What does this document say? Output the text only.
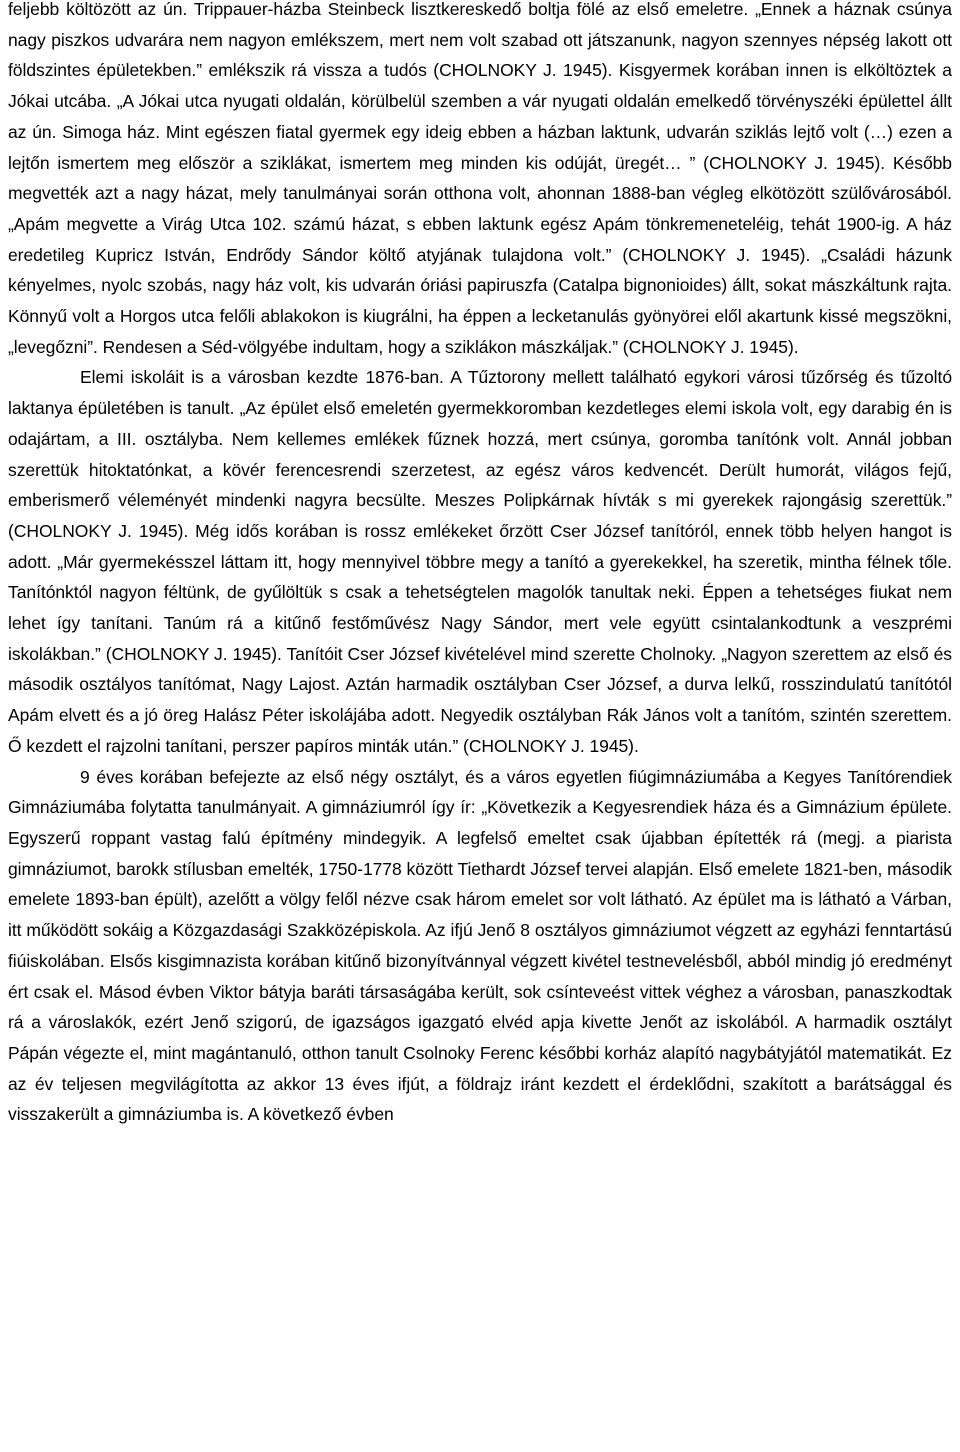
feljebb költözött az ún. Trippauer-házba Steinbeck lisztkereskedő boltja fölé az első emeletre. „Ennek a háznak csúnya nagy piszkos udvarára nem nagyon emlékszem, mert nem volt szabad ott játszanunk, nagyon szennyes népség lakott ott földszintes épületekben.” emlékszik rá vissza a tudós (CHOLNOKY J. 1945). Kisgyermek korában innen is elköltöztek a Jókai utcába. „A Jókai utca nyugati oldalán, körülbelül szemben a vár nyugati oldalán emelkedő törvényszéki épülettel állt az ún. Simoga ház. Mint egészen fiatal gyermek egy ideig ebben a házban laktunk, udvarán sziklás lejtő volt (…) ezen a lejtőn ismertem meg először a sziklákat, ismertem meg minden kis odúját, üregét… ” (CHOLNOKY J. 1945). Később megvették azt a nagy házat, mely tanulmányai során otthona volt, ahonnan 1888-ban végleg elkötözött szülővárosából. „Apám megvette a Virág Utca 102. számú házat, s ebben laktunk egész Apám tönkremeneteléig, tehát 1900-ig. A ház eredetileg Kupricz István, Endrődy Sándor költő atyjának tulajdona volt.” (CHOLNOKY J. 1945). „Családi házunk kényelmes, nyolc szobás, nagy ház volt, kis udvarán óriási papiruszfa (Catalpa bignonioides) állt, sokat mászkáltunk rajta. Könnyű volt a Horgos utca felőli ablakokon is kiugrálni, ha éppen a lecketanulás gyönyörei elől akartunk kissé megszökni, „levegőzni”. Rendesen a Séd-völgyébe indultam, hogy a sziklákon mászkáljak.” (CHOLNOKY J. 1945).

Elemi iskoláit is a városban kezdte 1876-ban. A Tűztorony mellett található egykori városi tűzőrség és tűzoltó laktanya épületében is tanult. „Az épület első emeletén gyermekkoromban kezdetleges elemi iskola volt, egy darabig én is odajártam, a III. osztályba. Nem kellemes emlékek fűznek hozzá, mert csúnya, goromba tanítónk volt. Annál jobban szerettük hitoktatónkat, a kövér ferencesrendi szerzetest, az egész város kedvencét. Derült humorát, világos fejű, emberismerő véleményét mindenki nagyra becsülte. Meszes Polipkárnak hívták s mi gyerekek rajongásig szerettük.” (CHOLNOKY J. 1945). Még idős korában is rossz emlékeket őrzött Cser József tanítóról, ennek több helyen hangot is adott. „Már gyermekésszel láttam itt, hogy mennyivel többre megy a tanító a gyerekekkel, ha szeretik, mintha félnek tőle. Tanítónktól nagyon féltünk, de gyűlöltük s csak a tehetségtelen magolók tanultak neki. Éppen a tehetséges fiukat nem lehet így tanítani. Tanúm rá a kitűnő festőművész Nagy Sándor, mert vele együtt csintalankodtunk a veszprémi iskolákban.” (CHOLNOKY J. 1945). Tanítóit Cser József kivételével mind szerette Cholnoky. „Nagyon szerettem az első és második osztályos tanítómat, Nagy Lajost. Aztán harmadik osztályban Cser József, a durva lelkű, rosszindulatú tanítótól Apám elvett és a jó öreg Halász Péter iskolájába adott. Negyedik osztályban Rák János volt a tanítóm, szintén szerettem. Ő kezdett el rajzolni tanítani, perszer papíros minták után.” (CHOLNOKY J. 1945).

9 éves korában befejezte az első négy osztályt, és a város egyetlen fiúgimnáziumába a Kegyes Tanítórendiek Gimnáziumába folytatta tanulmányait. A gimnáziumról így ír: „Következik a Kegyesrendiek háza és a Gimnázium épülete. Egyszerű roppant vastag falú építmény mindegyik. A legfelső emeltet csak újabban építették rá (megj. a piarista gimnáziumot, barokk stílusban emelték, 1750-1778 között Tiethardt József tervei alapján. Első emelete 1821-ben, második emelete 1893-ban épült), azelőtt a völgy felől nézve csak három emelet sor volt látható. Az épület ma is látható a Várban, itt működött sokáig a Közgazdasági Szakközépiskola. Az ifjú Jenő 8 osztályos gimnáziumot végzett az egyházi fenntartású fiúiskolában. Elsős kisgimnazista korában kitűnő bizonyítvánnyal végzett kivétel testnevelésből, abból mindig jó eredményt ért csak el. Másod évben Viktor bátyja baráti társaságába került, sok csínteveést vittek véghez a városban, panaszkodtak rá a városlakók, ezért Jenő szigorú, de igazságos igazgató elvéd apja kivette Jenőt az iskolából. A harmadik osztályt Pápán végezte el, mint magántanuló, otthon tanult Csolnoky Ferenc későbbi korház alapító nagybátyjától matematikát. Ez az év teljesen megvilágította az akkor 13 éves ifjút, a földrajz iránt kezdett el érdeklődni, szakított a barátsággal és visszakerült a gimnáziumba is. A következő évben
